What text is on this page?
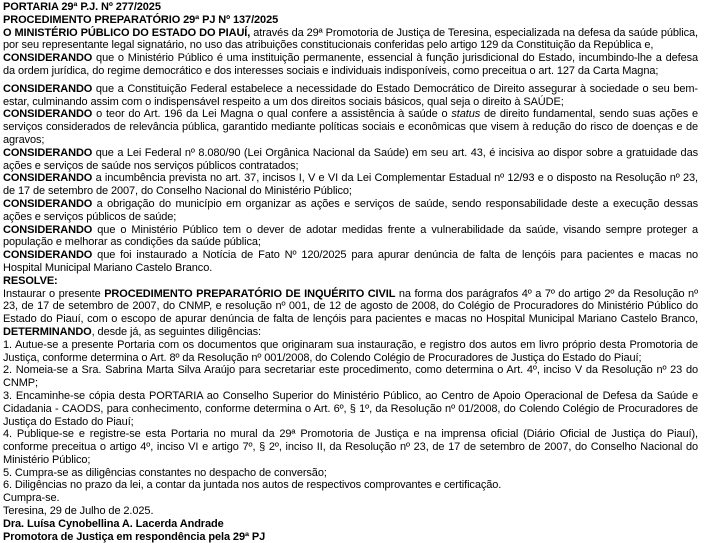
PORTARIA 29ª P.J. Nº 277/2025

PROCEDIMENTO PREPARATÓRIO 29ª PJ Nº 137/2025

O MINISTÉRIO PÚBLICO DO ESTADO DO PIAUÍ, através da 29ª Promotoria de Justiça de Teresina, especializada na defesa da saúde pública, por seu representante legal signatário, no uso das atribuições constitucionais conferidas pelo artigo 129 da Constituição da República e,

CONSIDERANDO que o Ministério Público é uma instituição permanente, essencial à função jurisdicional do Estado, incumbindo-lhe a defesa da ordem jurídica, do regime democrático e dos interesses sociais e individuais indisponíveis, como preceitua o art. 127 da Carta Magna;

CONSIDERANDO que a Constituição Federal estabelece a necessidade do Estado Democrático de Direito assegurar à sociedade o seu bem-estar, culminando assim com o indispensável respeito a um dos direitos sociais básicos, qual seja o direito à SAÚDE;

CONSIDERANDO o teor do Art. 196 da Lei Magna o qual confere a assistência à saúde o status de direito fundamental, sendo suas ações e serviços considerados de relevância pública, garantido mediante políticas sociais e econômicas que visem à redução do risco de doenças e de agravos;

CONSIDERANDO que a Lei Federal nº 8.080/90 (Lei Orgânica Nacional da Saúde) em seu art. 43, é incisiva ao dispor sobre a gratuidade das ações e serviços de saúde nos serviços públicos contratados;

CONSIDERANDO a incumbência prevista no art. 37, incisos I, V e VI da Lei Complementar Estadual nº 12/93 e o disposto na Resolução nº 23, de 17 de setembro de 2007, do Conselho Nacional do Ministério Público;

CONSIDERANDO a obrigação do município em organizar as ações e serviços de saúde, sendo responsabilidade deste a execução dessas ações e serviços públicos de saúde;

CONSIDERANDO que o Ministério Público tem o dever de adotar medidas frente a vulnerabilidade da saúde, visando sempre proteger a população e melhorar as condições da saúde pública;

CONSIDERANDO que foi instaurado a Notícia de Fato Nº 120/2025 para apurar denúncia de falta de lençóis para pacientes e macas no Hospital Municipal Mariano Castelo Branco.

RESOLVE:

Instaurar o presente PROCEDIMENTO PREPARATÓRIO DE INQUÉRITO CIVIL na forma dos parágrafos 4º a 7º do artigo 2º da Resolução nº 23, de 17 de setembro de 2007, do CNMP, e resolução nº 001, de 12 de agosto de 2008, do Colégio de Procuradores do Ministério Público do Estado do Piauí, com o escopo de apurar denúncia de falta de lençóis para pacientes e macas no Hospital Municipal Mariano Castelo Branco, DETERMINANDO, desde já, as seguintes diligências:

1. Autue-se a presente Portaria com os documentos que originaram sua instauração, e registro dos autos em livro próprio desta Promotoria de Justiça, conforme determina o Art. 8º da Resolução nº 001/2008, do Colendo Colégio de Procuradores de Justiça do Estado do Piauí;

2. Nomeia-se a Sra. Sabrina Marta Silva Araújo para secretariar este procedimento, como determina o Art. 4º, inciso V da Resolução nº 23 do CNMP;

3. Encaminhe-se cópia desta PORTARIA ao Conselho Superior do Ministério Público, ao Centro de Apoio Operacional de Defesa da Saúde e Cidadania - CAODS, para conhecimento, conforme determina o Art. 6º, § 1º, da Resolução nº 01/2008, do Colendo Colégio de Procuradores de Justiça do Estado do Piauí;

4. Publique-se e registre-se esta Portaria no mural da 29ª Promotoria de Justiça e na imprensa oficial (Diário Oficial de Justiça do Piauí), conforme preceitua o artigo 4º, inciso VI e artigo 7º, § 2º, inciso II, da Resolução nº 23, de 17 de setembro de 2007, do Conselho Nacional do Ministério Público;

5. Cumpra-se as diligências constantes no despacho de conversão;

6. Diligências no prazo da lei, a contar da juntada nos autos de respectivos comprovantes e certificação.

Cumpra-se.

Teresina, 29 de Julho de 2.025.

Dra. Luísa Cynobellina A. Lacerda Andrade

Promotora de Justiça em respondência pela 29ª PJ
